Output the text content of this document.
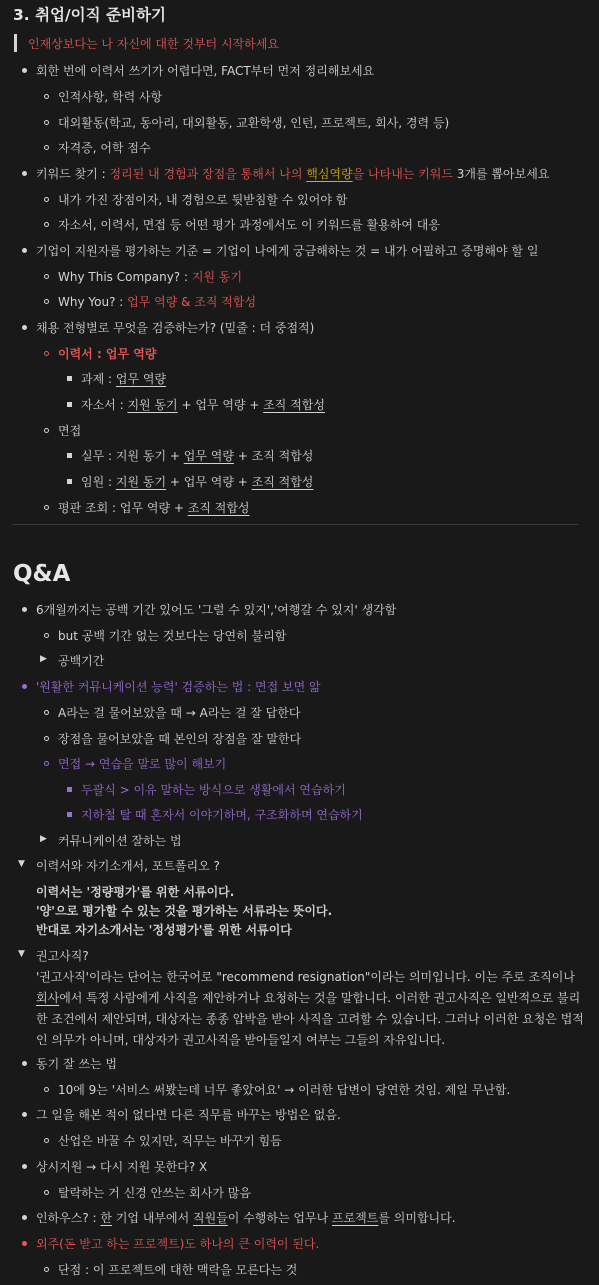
3. 취업/이직 준비하기
인재상보다는 나 자신에 대한 것부터 시작하세요
회한 번에 이력서 쓰기가 어렵다면, FACT부터 먼저 정리해보세요
인적사항, 학력 사항
대외활동(학교, 동아리, 대외활동, 교환학생, 인턴, 프로젝트, 회사, 경력 등)
자격증, 어학 점수
키워드 찾기 : 정리된 내 경험과 장점을 통해서 나의 핵심역량을 나타내는 키워드 3개를 뽑아보세요
내가 가진 장점이자, 내 경험으로 뒷받침할 수 있어야 함
자소서, 이력서, 면접 등 어떤 평가 과정에서도 이 키워드를 활용하여 대응
기업이 지원자를 평가하는 기준 = 기업이 나에게 궁금해하는 것 = 내가 어필하고 증명해야 할 일
Why This Company? : 지원 동기
Why You? : 업무 역량 & 조직 적합성
채용 전형별로 무엇을 검증하는가? (밑줄 : 더 중점적)
이력서 : 업무 역량
과제 : 업무 역량
자소서 : 지원 동기 + 업무 역량 + 조직 적합성
면접
실무 : 지원 동기 + 업무 역량 + 조직 적합성
임원 : 지원 동기 + 업무 역량 + 조직 적합성
평판 조회 : 업무 역량 + 조직 적합성
Q&A
6개월까지는 공백 기간 있어도 '그럴 수 있지','여행갈 수 있지' 생각함
but 공백 기간 없는 것보다는 당연히 불리함
▶ 공백기간
'원활한 커뮤니케이션 능력' 검증하는 법 : 면접 보면 앎
A라는 걸 물어보았을 때 → A라는 걸 잘 답한다
장점을 물어보았을 때 본인의 장점을 잘 말한다
면접 → 연습을 말로 많이 해보기
두괄식 > 이유 말하는 방식으로 생활에서 연습하기
지하철 탈 때 혼자서 이야기하며, 구조화하며 연습하기
▶ 커뮤니케이션 잘하는 법
▼ 이력서와 자기소개서, 포트폴리오 ?
이력서는 '정량평가'를 위한 서류이다.
'양'으로 평가할 수 있는 것을 평가하는 서류라는 뜻이다.
반대로 자기소개서는 '정성평가'를 위한 서류이다
▼ 권고사직?
'권고사직'이라는 단어는 한국어로 "recommend resignation"이라는 의미입니다. 이는 주로 조직이나 회사에서 특정 사람에게 사직을 제안하거나 요청하는 것을 말합니다. 이러한 권고사직은 일반적으로 불리한 조건에서 제안되며, 대상자는 종종 압박을 받아 사직을 고려할 수 있습니다. 그러나 이러한 요청은 법적인 의무가 아니며, 대상자가 권고사직을 받아들일지 여부는 그들의 자유입니다.
동기 잘 쓰는 법
10에 9는 '서비스 써봤는데 너무 좋았어요' → 이러한 답변이 당연한 것임. 제일 무난함.
그 일을 해본 적이 없다면 다른 직무를 바꾸는 방법은 없음.
산업은 바꿀 수 있지만, 직무는 바꾸기 힘듬
상시지원 → 다시 지원 못한다? X
탈락하는 거 신경 안쓰는 회사가 많음
인하우스? : 한 기업 내부에서 직원들이 수행하는 업무나 프로젝트를 의미합니다.
외주(돈 받고 하는 프로젝트)도 하나의 큰 이력이 된다.
단점 : 이 프로젝트에 대한 맥락을 모른다는 것
